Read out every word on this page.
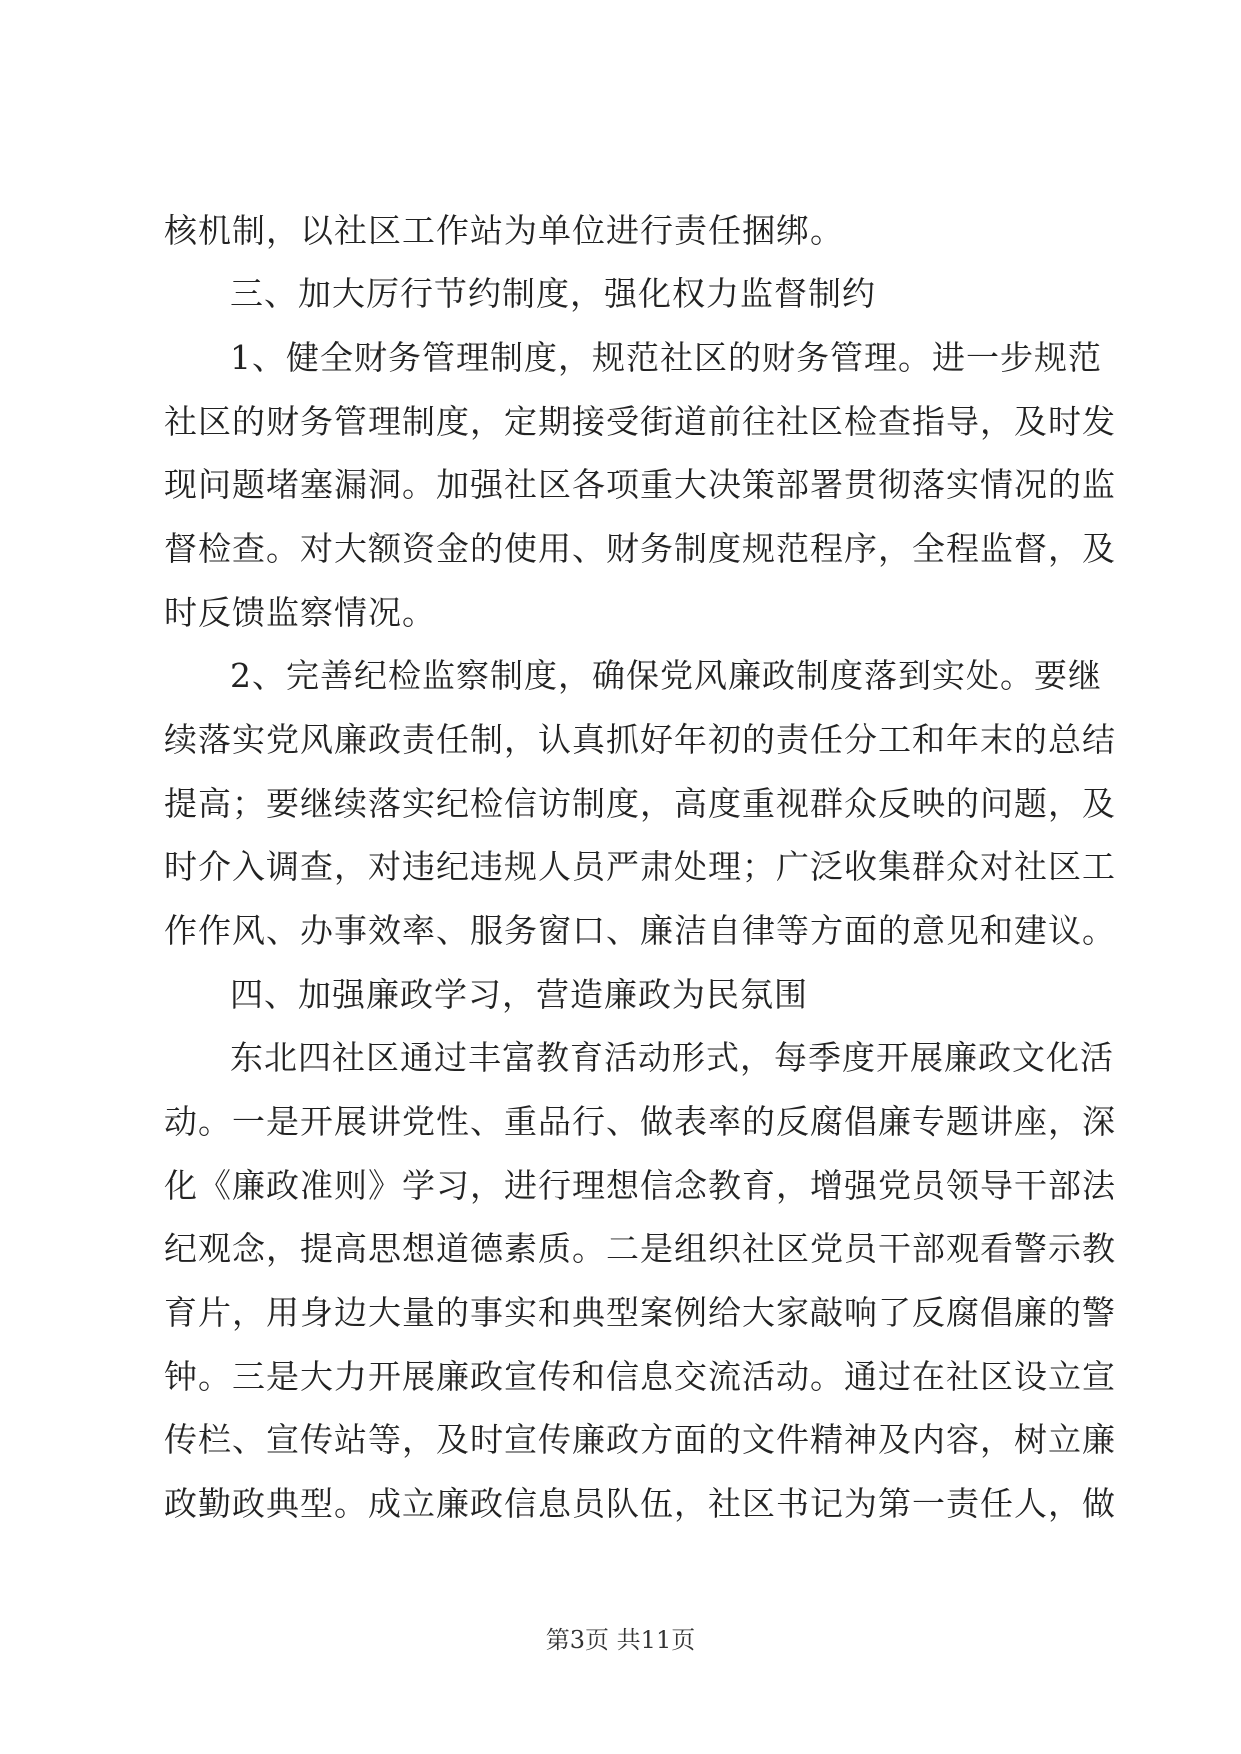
核机制，以社区工作站为单位进行责任捆绑。
三、加大厉行节约制度，强化权力监督制约
1、健全财务管理制度，规范社区的财务管理。进一步规范
社区的财务管理制度，定期接受街道前往社区检查指导，及时发
现问题堵塞漏洞。加强社区各项重大决策部署贯彻落实情况的监
督检查。对大额资金的使用、财务制度规范程序，全程监督，及
时反馈监察情况。
2、完善纪检监察制度，确保党风廉政制度落到实处。要继
续落实党风廉政责任制，认真抓好年初的责任分工和年末的总结
提高；要继续落实纪检信访制度，高度重视群众反映的问题，及
时介入调查，对违纪违规人员严肃处理；广泛收集群众对社区工
作作风、办事效率、服务窗口、廉洁自律等方面的意见和建议。
四、加强廉政学习，营造廉政为民氛围
东北四社区通过丰富教育活动形式，每季度开展廉政文化活
动。一是开展讲党性、重品行、做表率的反腐倡廉专题讲座，深
化《廉政准则》学习，进行理想信念教育，增强党员领导干部法
纪观念，提高思想道德素质。二是组织社区党员干部观看警示教
育片，用身边大量的事实和典型案例给大家敲响了反腐倡廉的警
钟。三是大力开展廉政宣传和信息交流活动。通过在社区设立宣
传栏、宣传站等，及时宣传廉政方面的文件精神及内容，树立廉
政勤政典型。成立廉政信息员队伍，社区书记为第一责任人，做
第3页 共11页
